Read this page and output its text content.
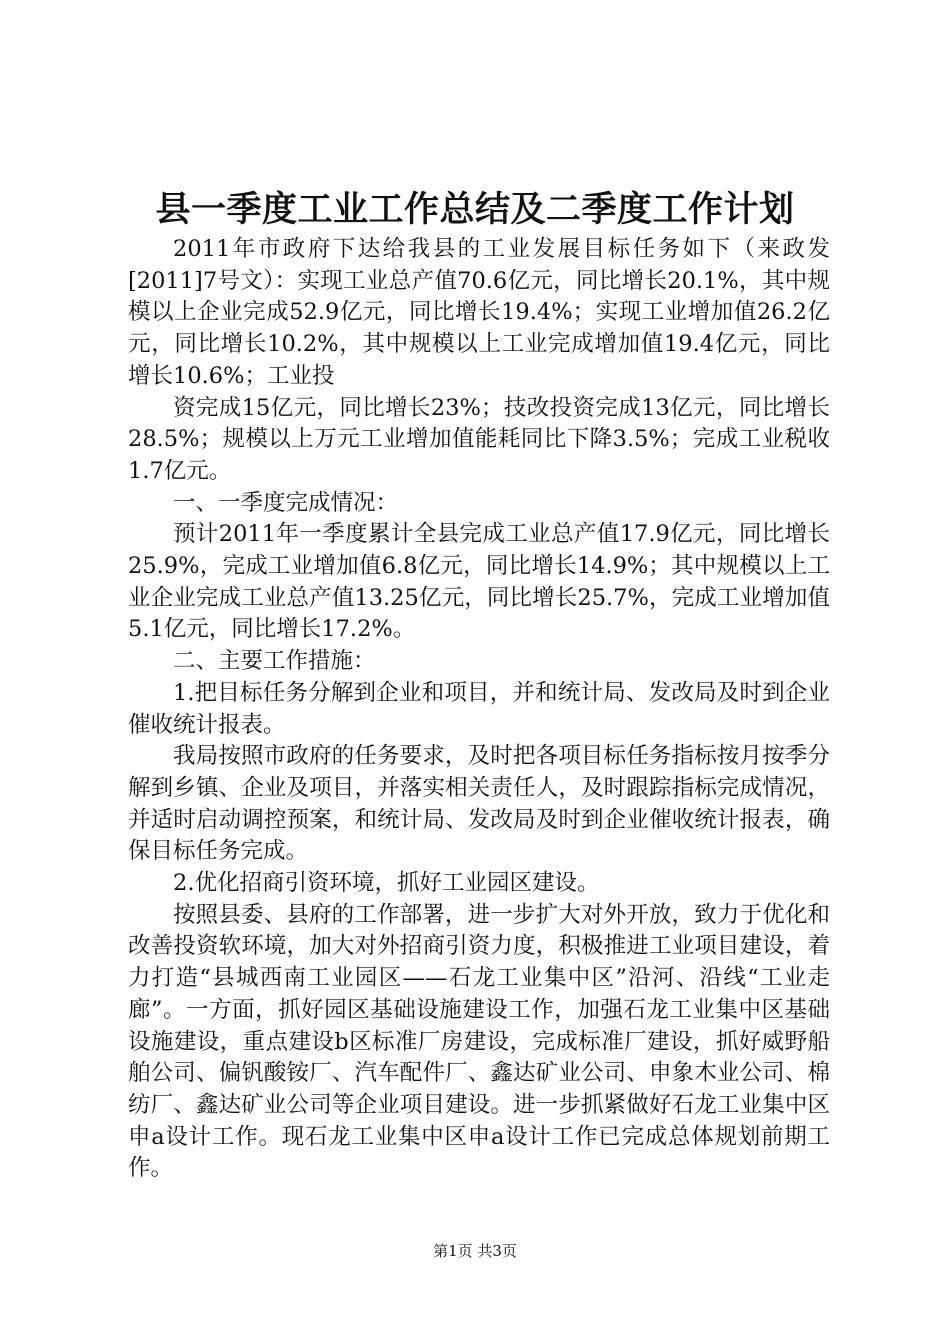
县一季度工业工作总结及二季度工作计划

2011年市政府下达给我县的工业发展目标任务如下（来政发[2011]7号文）：实现工业总产值70.6亿元，同比增长20.1%，其中规模以上企业完成52.9亿元，同比增长19.4%；实现工业增加值26.2亿元，同比增长10.2%，其中规模以上工业完成增加值19.4亿元，同比增长10.6%；工业投

资完成15亿元，同比增长23%；技改投资完成13亿元，同比增长28.5%；规模以上万元工业增加值能耗同比下降3.5%；完成工业税收1.7亿元。

一、一季度完成情况：

预计2011年一季度累计全县完成工业总产值17.9亿元，同比增长25.9%，完成工业增加值6.8亿元，同比增长14.9%；其中规模以上工业企业完成工业总产值13.25亿元，同比增长25.7%，完成工业增加值5.1亿元，同比增长17.2%。

二、主要工作措施：

1.把目标任务分解到企业和项目，并和统计局、发改局及时到企业催收统计报表。

我局按照市政府的任务要求，及时把各项目标任务指标按月按季分解到乡镇、企业及项目，并落实相关责任人，及时跟踪指标完成情况，并适时启动调控预案，和统计局、发改局及时到企业催收统计报表，确保目标任务完成。

2.优化招商引资环境，抓好工业园区建设。

按照县委、县府的工作部署，进一步扩大对外开放，致力于优化和改善投资软环境，加大对外招商引资力度，积极推进工业项目建设，着力打造“县城西南工业园区——石龙工业集中区”沿河、沿线“工业走廊”。一方面，抓好园区基础设施建设工作，加强石龙工业集中区基础设施建设，重点建设b区标准厂房建设，完成标准厂建设，抓好威野船舶公司、偏钒酸铵厂、汽车配件厂、鑫达矿业公司、申象木业公司、棉纺厂、鑫达矿业公司等企业项目建设。进一步抓紧做好石龙工业集中区申a设计工作。现石龙工业集中区申a设计工作已完成总体规划前期工作。

第1页 共3页
